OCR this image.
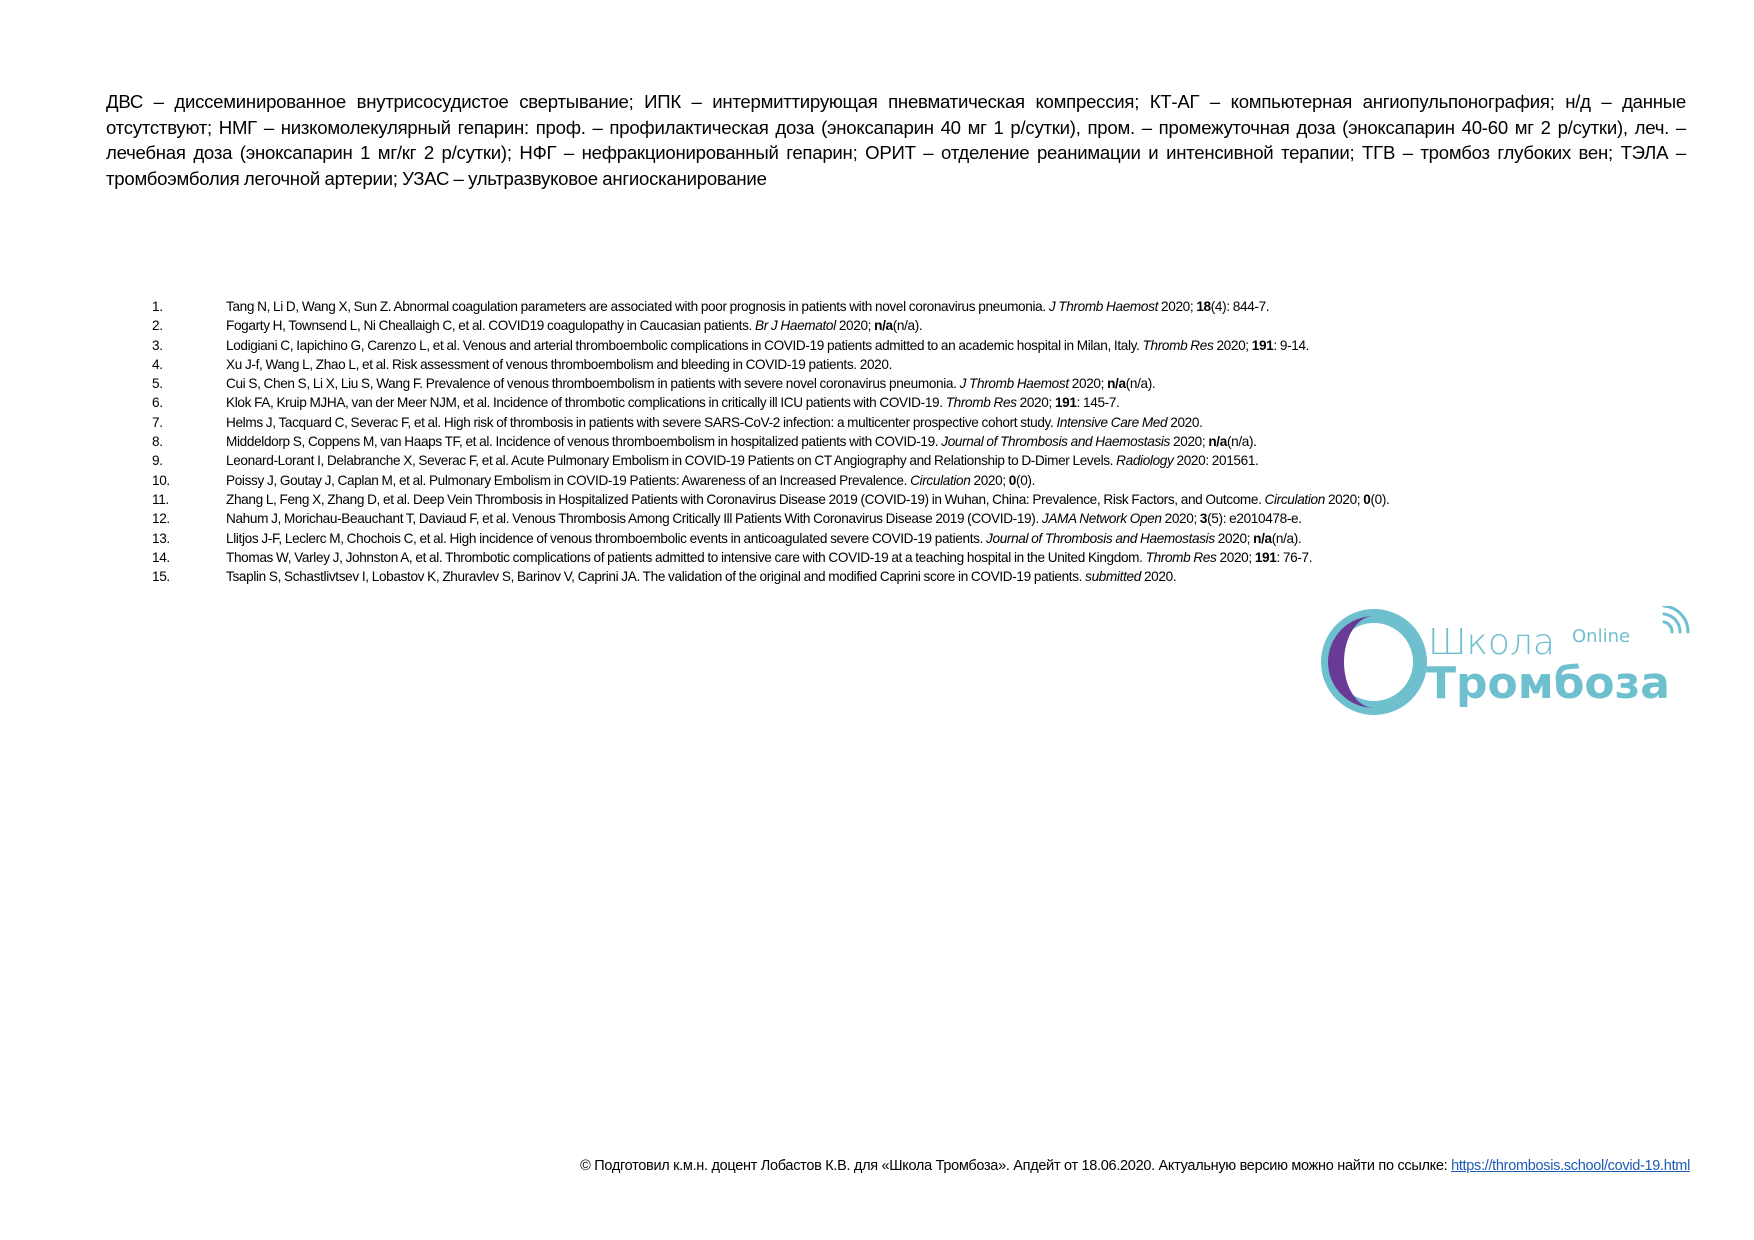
ДВС – диссеминированное внутрисосудистое свертывание; ИПК – интермиттирующая пневматическая компрессия; КТ-АГ – компьютерная ангиопульпонография; н/д – данные отсутствуют; НМГ – низкомолекулярный гепарин: проф. – профилактическая доза (эноксапарин 40 мг 1 р/сутки), пром. – промежуточная доза (эноксапарин 40-60 мг 2 р/сутки), леч. – лечебная доза (эноксапарин 1 мг/кг 2 р/сутки); НФГ – нефракционированный гепарин; ОРИТ – отделение реанимации и интенсивной терапии; ТГВ – тромбоз глубоких вен; ТЭЛА – тромбоэмболия легочной артерии; УЗАС – ультразвуковое ангиосканирование
1.	Tang N, Li D, Wang X, Sun Z. Abnormal coagulation parameters are associated with poor prognosis in patients with novel coronavirus pneumonia. J Thromb Haemost 2020; 18(4): 844-7.
2.	Fogarty H, Townsend L, Ni Cheallaigh C, et al. COVID19 coagulopathy in Caucasian patients. Br J Haematol 2020; n/a(n/a).
3.	Lodigiani C, Iapichino G, Carenzo L, et al. Venous and arterial thromboembolic complications in COVID-19 patients admitted to an academic hospital in Milan, Italy. Thromb Res 2020; 191: 9-14.
4.	Xu J-f, Wang L, Zhao L, et al. Risk assessment of venous thromboembolism and bleeding in COVID-19 patients. 2020.
5.	Cui S, Chen S, Li X, Liu S, Wang F. Prevalence of venous thromboembolism in patients with severe novel coronavirus pneumonia. J Thromb Haemost 2020; n/a(n/a).
6.	Klok FA, Kruip MJHA, van der Meer NJM, et al. Incidence of thrombotic complications in critically ill ICU patients with COVID-19. Thromb Res 2020; 191: 145-7.
7.	Helms J, Tacquard C, Severac F, et al. High risk of thrombosis in patients with severe SARS-CoV-2 infection: a multicenter prospective cohort study. Intensive Care Med 2020.
8.	Middeldorp S, Coppens M, van Haaps TF, et al. Incidence of venous thromboembolism in hospitalized patients with COVID-19. Journal of Thrombosis and Haemostasis 2020; n/a(n/a).
9.	Leonard-Lorant I, Delabranche X, Severac F, et al. Acute Pulmonary Embolism in COVID-19 Patients on CT Angiography and Relationship to D-Dimer Levels. Radiology 2020: 201561.
10.	Poissy J, Goutay J, Caplan M, et al. Pulmonary Embolism in COVID-19 Patients: Awareness of an Increased Prevalence. Circulation 2020; 0(0).
11.	Zhang L, Feng X, Zhang D, et al. Deep Vein Thrombosis in Hospitalized Patients with Coronavirus Disease 2019 (COVID-19) in Wuhan, China: Prevalence, Risk Factors, and Outcome. Circulation 2020; 0(0).
12.	Nahum J, Morichau-Beauchant T, Daviaud F, et al. Venous Thrombosis Among Critically Ill Patients With Coronavirus Disease 2019 (COVID-19). JAMA Network Open 2020; 3(5): e2010478-e.
13.	Llitjos J-F, Leclerc M, Chochois C, et al. High incidence of venous thromboembolic events in anticoagulated severe COVID-19 patients. Journal of Thrombosis and Haemostasis 2020; n/a(n/a).
14.	Thomas W, Varley J, Johnston A, et al. Thrombotic complications of patients admitted to intensive care with COVID-19 at a teaching hospital in the United Kingdom. Thromb Res 2020; 191: 76-7.
15.	Tsaplin S, Schastlivtsev I, Lobastov K, Zhuravlev S, Barinov V, Caprini JA. The validation of the original and modified Caprini score in COVID-19 patients. submitted 2020.
Школа Online
Тромбоза
© Подготовил к.м.н. доцент Лобастов К.В. для «Школа Тромбоза». Апдейт от 18.06.2020. Актуальную версию можно найти по ссылке: https://thrombosis.school/covid-19.html
